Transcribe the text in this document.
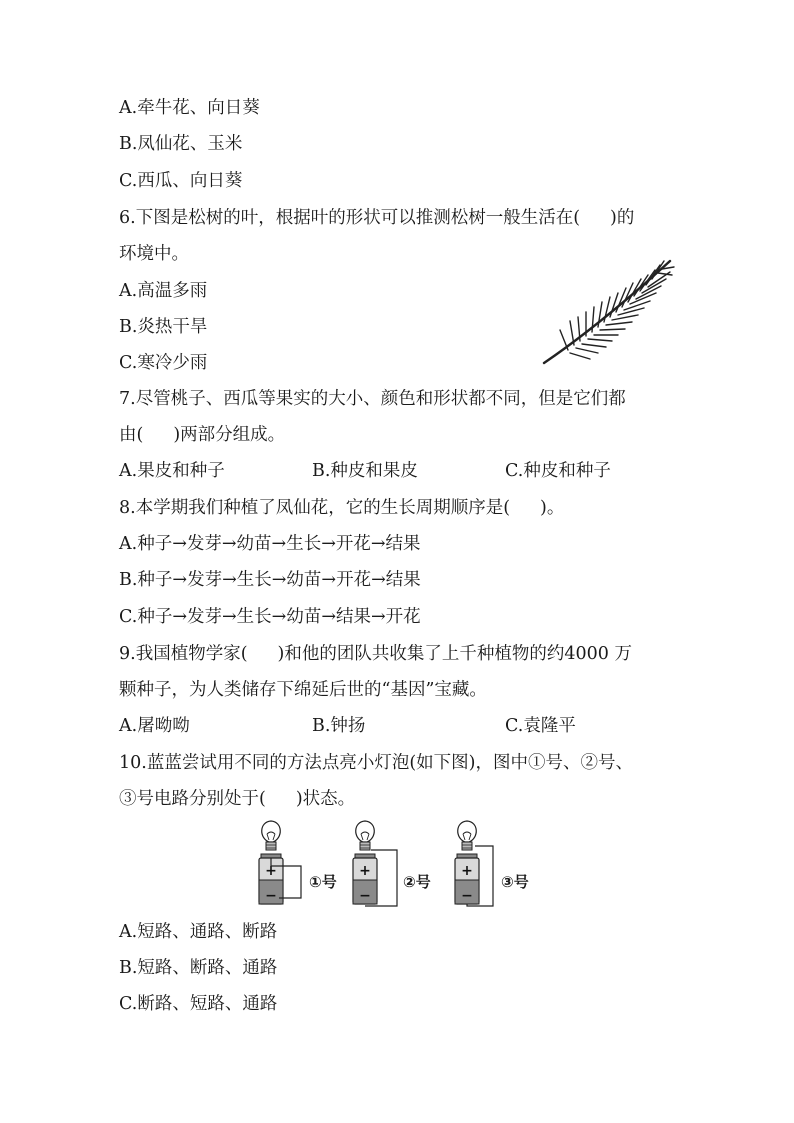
A.牵牛花、向日葵
B.凤仙花、玉米
C.西瓜、向日葵
6.下图是松树的叶，根据叶的形状可以推测松树一般生活在( )的
环境中。
A.高温多雨
B.炎热干旱
C.寒冷少雨
7.尽管桃子、西瓜等果实的大小、颜色和形状都不同，但是它们都
由( )两部分组成。
A.果皮和种子	B.种皮和果皮	C.种皮和种子
8.本学期我们种植了凤仙花，它的生长周期顺序是( )。
A.种子→发芽→幼苗→生长→开花→结果
B.种子→发芽→生长→幼苗→开花→结果
C.种子→发芽→生长→幼苗→结果→开花
9.我国植物学家( )和他的团队共收集了上千种植物的约4000 万
颗种子，为人类储存下绵延后世的“基因”宝藏。
A.屠呦呦	B.钟扬	C.袁隆平
10.蓝蓝尝试用不同的方法点亮小灯泡(如下图)，图中①号、②号、
③号电路分别处于( )状态。
①号	②号	③号
A.短路、通路、断路
B.短路、断路、通路
C.断路、短路、通路
